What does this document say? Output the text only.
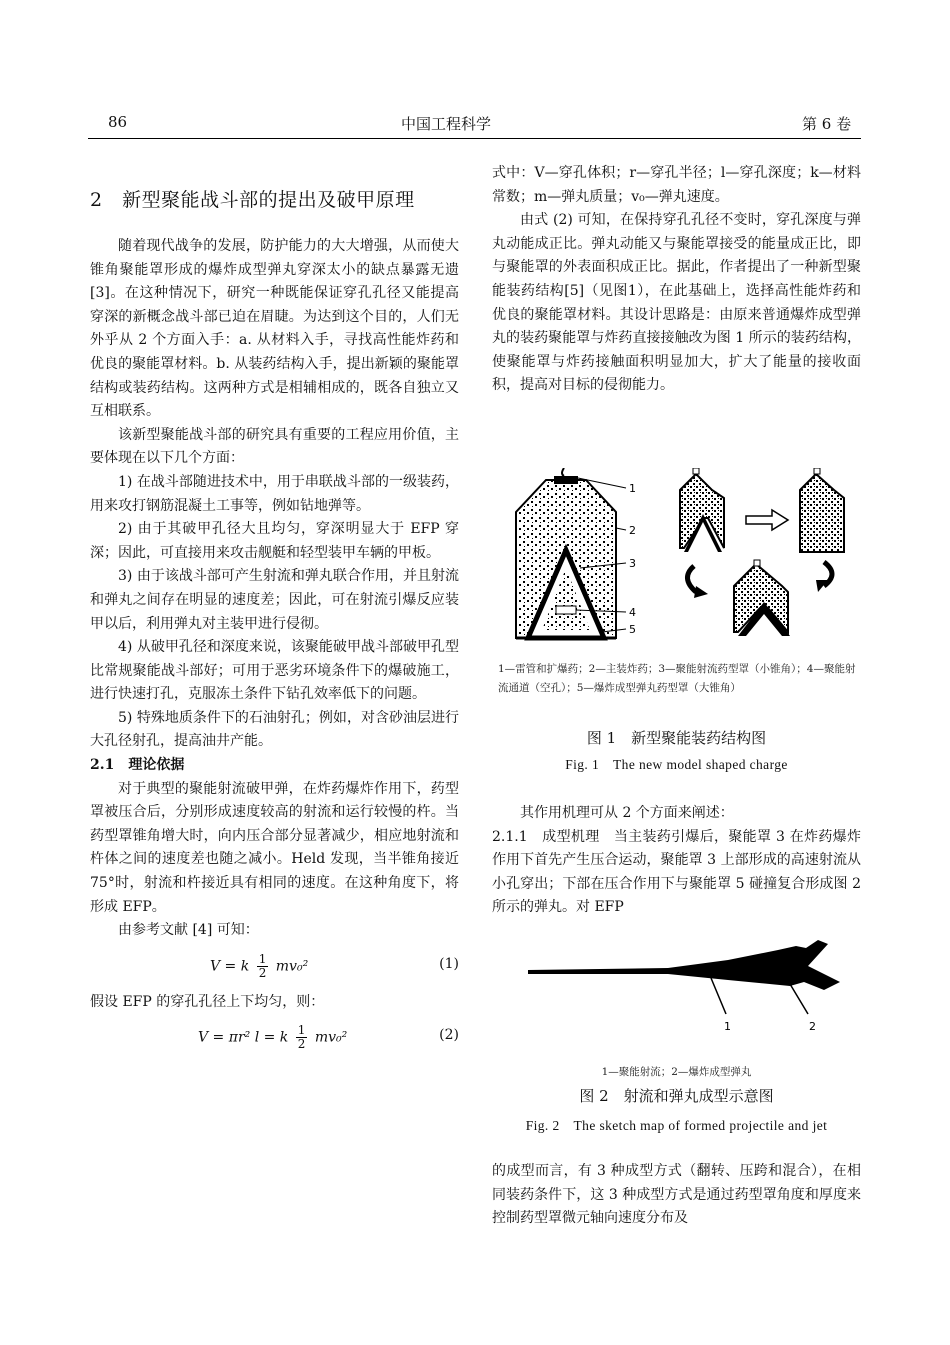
86	中国工程科学	第 6 卷

2　新型聚能战斗部的提出及破甲原理

随着现代战争的发展，防护能力的大大增强，从而使大锥角聚能罩形成的爆炸成型弹丸穿深太小的缺点暴露无遗[3]。在这种情况下，研究一种既能保证穿孔孔径又能提高穿深的新概念战斗部已迫在眉睫。为达到这个目的，人们无外乎从 2 个方面入手：a. 从材料入手，寻找高性能炸药和优良的聚能罩材料。b. 从装药结构入手，提出新颖的聚能罩结构或装药结构。这两种方式是相辅相成的，既各自独立又互相联系。

该新型聚能战斗部的研究具有重要的工程应用价值，主要体现在以下几个方面：

1) 在战斗部随进技术中，用于串联战斗部的一级装药，用来攻打钢筋混凝土工事等，例如钻地弹等。

2) 由于其破甲孔径大且均匀，穿深明显大于 EFP 穿深；因此，可直接用来攻击舰艇和轻型装甲车辆的甲板。

3) 由于该战斗部可产生射流和弹丸联合作用，并且射流和弹丸之间存在明显的速度差；因此，可在射流引爆反应装甲以后，利用弹丸对主装甲进行侵彻。

4) 从破甲孔径和深度来说，该聚能破甲战斗部破甲孔型比常规聚能战斗部好；可用于恶劣环境条件下的爆破施工，进行快速打孔，克服冻土条件下钻孔效率低下的问题。

5) 特殊地质条件下的石油射孔；例如，对含砂油层进行大孔径射孔，提高油井产能。

2.1　理论依据

对于典型的聚能射流破甲弹，在炸药爆炸作用下，药型罩被压合后，分别形成速度较高的射流和运行较慢的杵。当药型罩锥角增大时，向内压合部分显著减少，相应地射流和杵体之间的速度差也随之减小。Held 发现，当半锥角接近 75°时，射流和杵接近具有相同的速度。在这种角度下，将形成 EFP。

由参考文献 [4] 可知：

V = k $\frac{1}{2} mv_0^2$	(1)

假设 EFP 的穿孔孔径上下均匀，则：

V = πr² l = k $\frac{1}{2} mv_0^2$	(2)

式中：V—穿孔体积；r—穿孔半径；l—穿孔深度；k—材料常数；m—弹丸质量；v₀—弹丸速度。

由式 (2) 可知，在保持穿孔孔径不变时，穿孔深度与弹丸动能成正比。弹丸动能又与聚能罩接受的能量成正比，即与聚能罩的外表面积成正比。据此，作者提出了一种新型聚能装药结构[5]（见图1），在此基础上，选择高性能炸药和优良的聚能罩材料。其设计思路是：由原来普通爆炸成型弹丸的装药聚能罩与炸药直接接触改为图 1 所示的装药结构，使聚能罩与炸药接触面积明显加大，扩大了能量的接收面积，提高对目标的侵彻能力。

1
2
3
4
5
1—雷管和扩爆药；2—主装炸药；3—聚能射流药型罩（小锥角）；4—聚能射流通道（空孔）；5—爆炸成型弹丸药型罩（大锥角）
图 1　新型聚能装药结构图
Fig. 1　The new model shaped charge

其作用机理可从 2 个方面来阐述：

2.1.1　成型机理　当主装药引爆后，聚能罩 3 在炸药爆炸作用下首先产生压合运动，聚能罩 3 上部形成的高速射流从小孔穿出；下部在压合作用下与聚能罩 5 碰撞复合形成图 2 所示的弹丸。对 EFP

1	2
1—聚能射流；2—爆炸成型弹丸
图 2　射流和弹丸成型示意图
Fig. 2　The sketch map of formed projectile and jet

的成型而言，有 3 种成型方式（翻转、压跨和混合），在相同装药条件下，这 3 种成型方式是通过药型罩角度和厚度来控制药型罩微元轴向速度分布及
